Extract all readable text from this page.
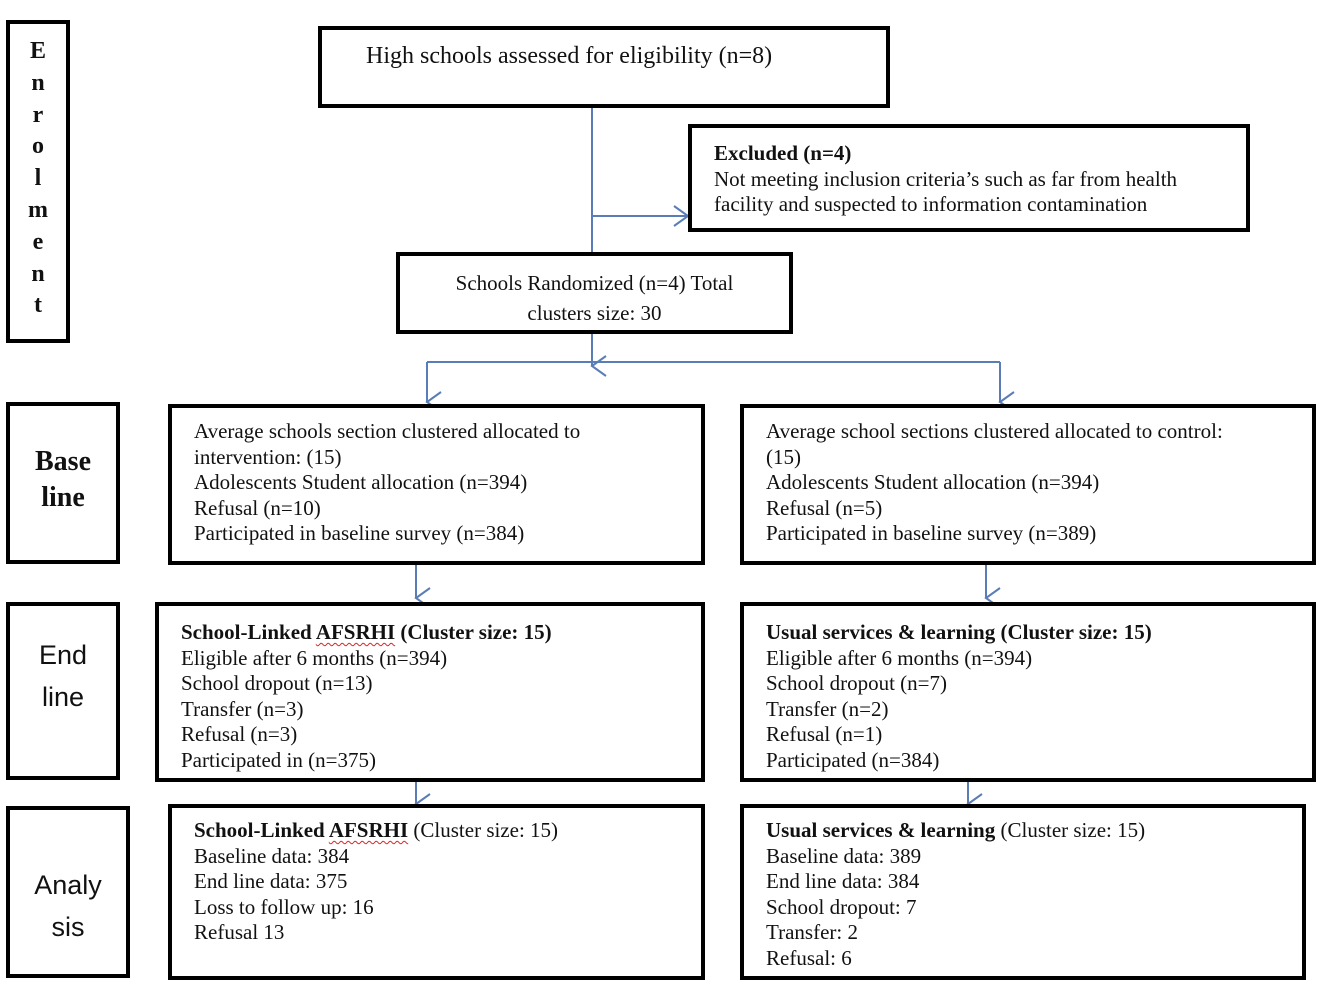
E
n
r
o
l
m
e
n
t
Base
line
End
line
Analy
sis
High schools assessed for eligibility (n=8)
Excluded (n=4)
Not meeting inclusion criteria’s such as far from health
facility and suspected to information contamination
Schools Randomized (n=4) Total
clusters size: 30
Average schools section clustered allocated to
intervention: (15)
Adolescents Student allocation (n=394)
Refusal (n=10)
Participated in baseline survey (n=384)
Average school sections clustered allocated to control:
(15)
Adolescents Student allocation (n=394)
Refusal (n=5)
Participated in baseline survey (n=389)
School-Linked AFSRHI (Cluster size: 15)
Eligible after 6 months (n=394)
School dropout (n=13)
Transfer (n=3)
Refusal (n=3)
Participated in (n=375)
Usual services & learning (Cluster size: 15)
Eligible after 6 months (n=394)
School dropout (n=7)
Transfer (n=2)
Refusal (n=1)
Participated (n=384)
School-Linked AFSRHI (Cluster size: 15)
Baseline data: 384
End line data: 375
Loss to follow up: 16
Refusal 13
Usual services & learning (Cluster size: 15)
Baseline data: 389
End line data: 384
School dropout: 7
Transfer: 2
Refusal: 6
